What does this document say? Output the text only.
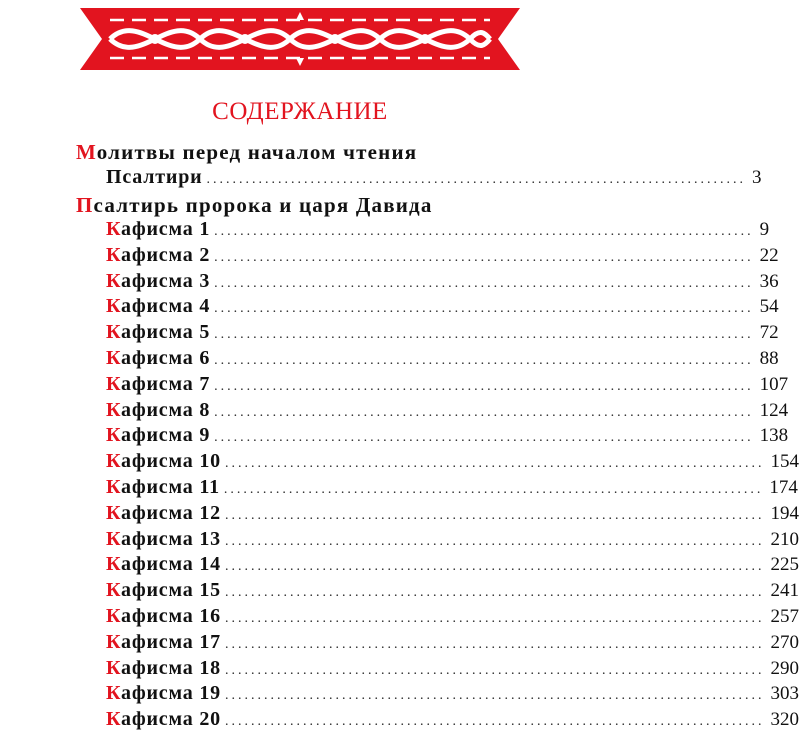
СОДЕРЖАНИЕ
Молитвы перед началом чтения
Псалтири ................................................................................... 3
Псалтирь пророка и царя Давида
Кафисма 1 ................................................................................... 9
Кафисма 2 ................................................................................... 22
Кафисма 3 ................................................................................... 36
Кафисма 4 ................................................................................... 54
Кафисма 5 ................................................................................... 72
Кафисма 6 ................................................................................... 88
Кафисма 7 ................................................................................... 107
Кафисма 8 ................................................................................... 124
Кафисма 9 ................................................................................... 138
Кафисма 10 ................................................................................... 154
Кафисма 11 ................................................................................... 174
Кафисма 12 ................................................................................... 194
Кафисма 13 ................................................................................... 210
Кафисма 14 ................................................................................... 225
Кафисма 15 ................................................................................... 241
Кафисма 16 ................................................................................... 257
Кафисма 17 ................................................................................... 270
Кафисма 18 ................................................................................... 290
Кафисма 19 ................................................................................... 303
Кафисма 20 ................................................................................... 320
